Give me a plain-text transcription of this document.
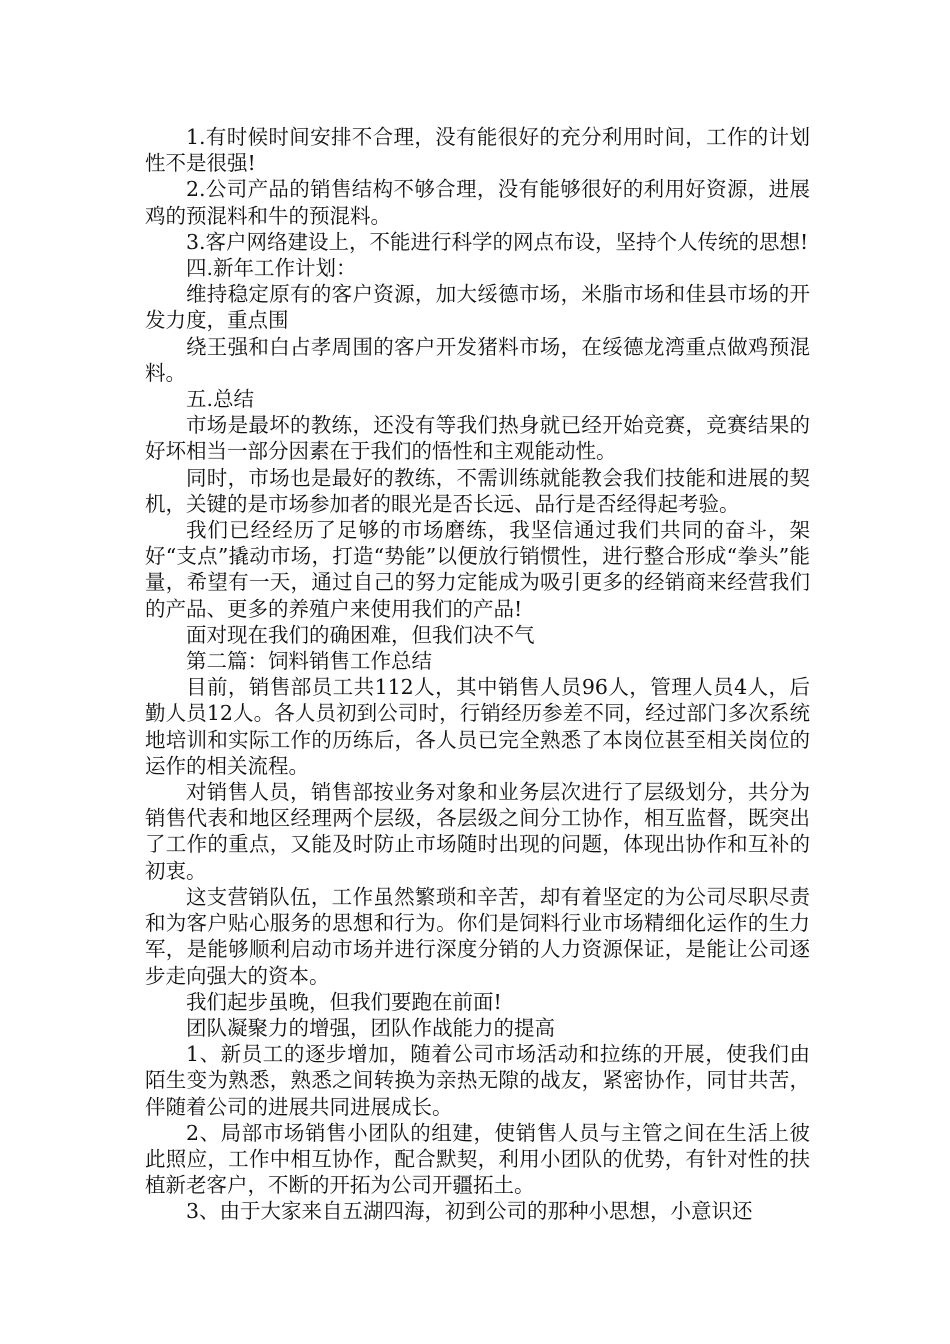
1.有时候时间安排不合理，没有能很好的充分利用时间，工作的计划性不是很强!

2.公司产品的销售结构不够合理，没有能够很好的利用好资源，进展鸡的预混料和牛的预混料。

3.客户网络建设上，不能进行科学的网点布设，坚持个人传统的思想!

四.新年工作计划：

维持稳定原有的客户资源，加大绥德市场，米脂市场和佳县市场的开发力度，重点围

绕王强和白占孝周围的客户开发猪料市场，在绥德龙湾重点做鸡预混料。

五.总结

市场是最坏的教练，还没有等我们热身就已经开始竞赛，竞赛结果的好坏相当一部分因素在于我们的悟性和主观能动性。

同时，市场也是最好的教练，不需训练就能教会我们技能和进展的契机，关键的是市场参加者的眼光是否长远、品行是否经得起考验。

我们已经经历了足够的市场磨练，我坚信通过我们共同的奋斗，架好“支点”撬动市场，打造“势能”以便放行销惯性，进行整合形成“拳头”能量，希望有一天，通过自己的努力定能成为吸引更多的经销商来经营我们的产品、更多的养殖户来使用我们的产品!

面对现在我们的确困难，但我们决不气

第二篇：饲料销售工作总结

目前，销售部员工共112人，其中销售人员96人，管理人员4人，后勤人员12人。各人员初到公司时，行销经历参差不同，经过部门多次系统地培训和实际工作的历练后，各人员已完全熟悉了本岗位甚至相关岗位的运作的相关流程。

对销售人员，销售部按业务对象和业务层次进行了层级划分，共分为销售代表和地区经理两个层级，各层级之间分工协作，相互监督，既突出了工作的重点，又能及时防止市场随时出现的问题，体现出协作和互补的初衷。

这支营销队伍，工作虽然繁琐和辛苦，却有着坚定的为公司尽职尽责和为客户贴心服务的思想和行为。你们是饲料行业市场精细化运作的生力军，是能够顺利启动市场并进行深度分销的人力资源保证，是能让公司逐步走向强大的资本。

我们起步虽晚，但我们要跑在前面!

团队凝聚力的增强，团队作战能力的提高

1、新员工的逐步增加，随着公司市场活动和拉练的开展，使我们由陌生变为熟悉，熟悉之间转换为亲热无隙的战友，紧密协作，同甘共苦，伴随着公司的进展共同进展成长。

2、局部市场销售小团队的组建，使销售人员与主管之间在生活上彼此照应，工作中相互协作，配合默契，利用小团队的优势，有针对性的扶植新老客户，不断的开拓为公司开疆拓土。

3、由于大家来自五湖四海，初到公司的那种小思想，小意识还
